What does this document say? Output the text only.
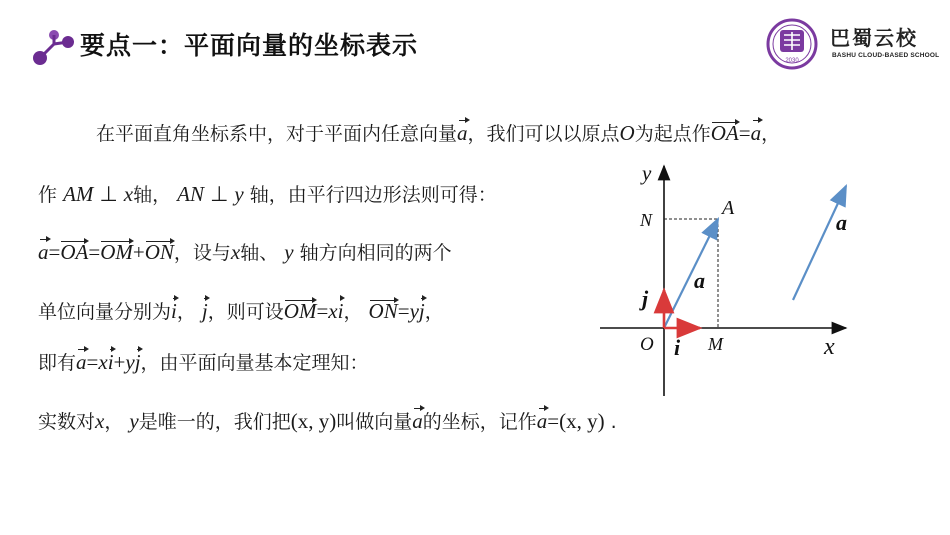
要点一：平面向量的坐标表示
2030
巴蜀云校
BASHU CLOUD-BASED SCHOOL
在平面直角坐标系中，对于平面内任意向量a，我们可以以原点O为起点作OA=a，
作 AM ⊥ x轴， AN ⊥ y 轴，由平行四边形法则可得：
a=OA=OM+ON，设与x轴、 y 轴方向相同的两个
单位向量分别为i， j，则可设OM=xi， ON=yj，
即有a=xi+yj，由平面向量基本定理知：
实数对x， y是唯一的，我们把(x, y)叫做向量a的坐标，记作a=(x, y) .
y
x
N
A
O	M
a
a
i
j
